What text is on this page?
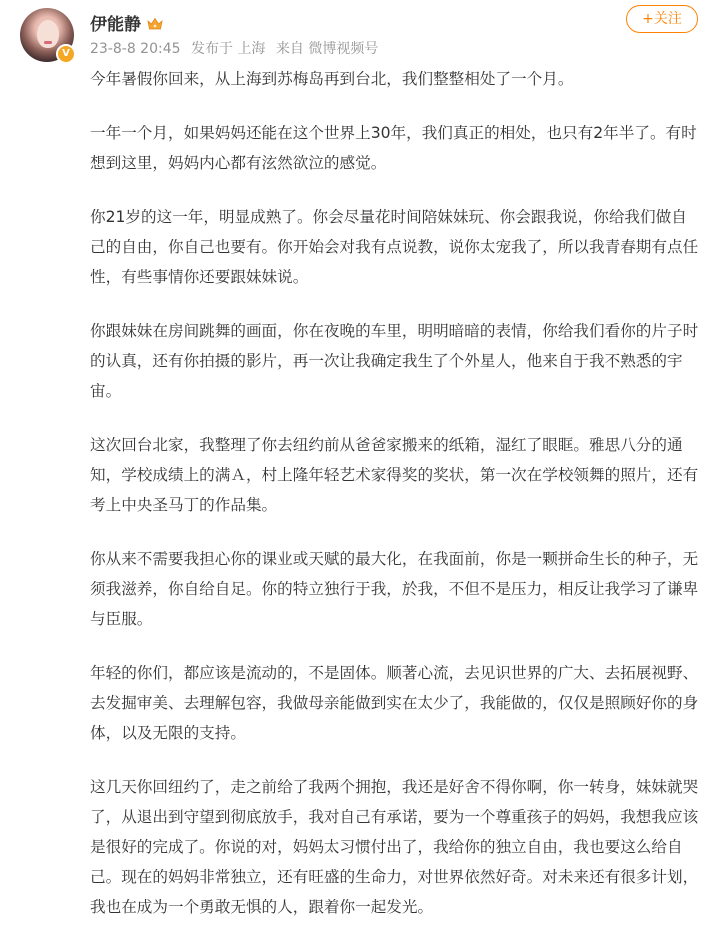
V
伊能静
23-8-8 20:45 发布于 上海 来自 微博视频号
+关注

今年暑假你回来，从上海到苏梅岛再到台北，我们整整相处了一个月。

一年一个月，如果妈妈还能在这个世界上30年，我们真正的相处，也只有2年半了。有时想到这里，妈妈内心都有泫然欲泣的感觉。

你21岁的这一年，明显成熟了。你会尽量花时间陪妹妹玩、你会跟我说，你给我们做自己的自由，你自己也要有。你开始会对我有点说教，说你太宠我了，所以我青春期有点任性，有些事情你还要跟妹妹说。

你跟妹妹在房间跳舞的画面，你在夜晚的车里，明明暗暗的表情，你给我们看你的片子时的认真，还有你拍摄的影片，再一次让我确定我生了个外星人，他来自于我不熟悉的宇宙。

这次回台北家，我整理了你去纽约前从爸爸家搬来的纸箱，湿红了眼眶。雅思八分的通知，学校成绩上的满Ａ，村上隆年轻艺术家得奖的奖状，第一次在学校领舞的照片，还有考上中央圣马丁的作品集。

你从来不需要我担心你的课业或天赋的最大化，在我面前，你是一颗拼命生长的种子，无须我滋养，你自给自足。你的特立独行于我，於我，不但不是压力，相反让我学习了谦卑与臣服。

年轻的你们，都应该是流动的，不是固体。顺著心流，去见识世界的广大、去拓展视野、去发掘审美、去理解包容，我做母亲能做到实在太少了，我能做的，仅仅是照顾好你的身体，以及无限的支持。

这几天你回纽约了，走之前给了我两个拥抱，我还是好舍不得你啊，你一转身，妹妹就哭了，从退出到守望到彻底放手，我对自己有承诺，要为一个尊重孩子的妈妈，我想我应该是很好的完成了。你说的对，妈妈太习惯付出了，我给你的独立自由，我也要这么给自己。现在的妈妈非常独立，还有旺盛的生命力，对世界依然好奇。对未来还有很多计划，我也在成为一个勇敢无惧的人，跟着你一起发光。
